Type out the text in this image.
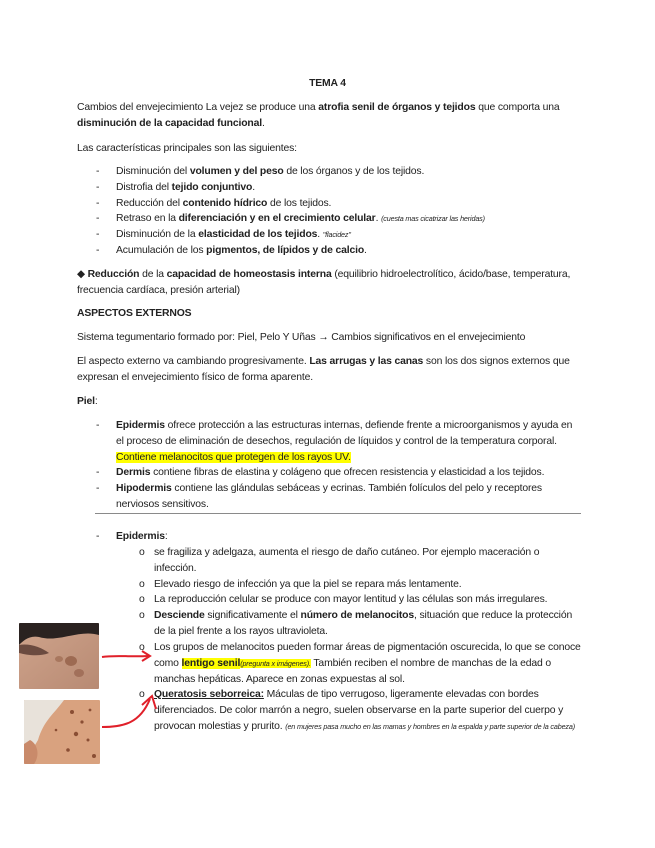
TEMA 4
Cambios del envejecimiento La vejez se produce una atrofia senil de órganos y tejidos que comporta una disminución de la capacidad funcional.
Las características principales son las siguientes:
- Disminución del volumen y del peso de los órganos y de los tejidos.
- Distrofia del tejido conjuntivo.
- Reducción del contenido hídrico de los tejidos.
- Retraso en la diferenciación y en el crecimiento celular. (cuesta mas cicatrizar las heridas)
- Disminución de la elasticidad de los tejidos. "flacidez"
- Acumulación de los pigmentos, de lípidos y de calcio.
◆ Reducción de la capacidad de homeostasis interna (equilibrio hidroelectrolítico, ácido/base, temperatura, frecuencia cardíaca, presión arterial)
ASPECTOS EXTERNOS
Sistema tegumentario formado por: Piel, Pelo Y Uñas → Cambios significativos en el envejecimiento
El aspecto externo va cambiando progresivamente. Las arrugas y las canas son los dos signos externos que expresan el envejecimiento físico de forma aparente.
Piel:
- Epidermis ofrece protección a las estructuras internas, defiende frente a microorganismos y ayuda en el proceso de eliminación de desechos, regulación de líquidos y control de la temperatura corporal. Contiene melanocitos que protegen de los rayos UV.
- Dermis contiene fibras de elastina y colágeno que ofrecen resistencia y elasticidad a los tejidos.
- Hipodermis contiene las glándulas sebáceas y ecrinas. También folículos del pelo y receptores nerviosos sensitivos.
- Epidermis:
o se fragiliza y adelgaza, aumenta el riesgo de daño cutáneo. Por ejemplo maceración o infección.
o Elevado riesgo de infección ya que la piel se repara más lentamente.
o La reproducción celular se produce con mayor lentitud y las células son más irregulares.
o Desciende significativamente el número de melanocitos, situación que reduce la protección de la piel frente a los rayos ultravioleta.
o Los grupos de melanocitos pueden formar áreas de pigmentación oscurecida, lo que se conoce como lentigo senil(pregunta x imágenes). También reciben el nombre de manchas de la edad o manchas hepáticas. Aparece en zonas expuestas al sol.
o Queratosis seborreica: Máculas de tipo verrugoso, ligeramente elevadas con bordes diferenciados. De color marrón a negro, suelen observarse en la parte superior del cuerpo y provocan molestias y prurito. (en mujeres pasa mucho en las mamas y hombres en la espalda y parte superior de la cabeza)
